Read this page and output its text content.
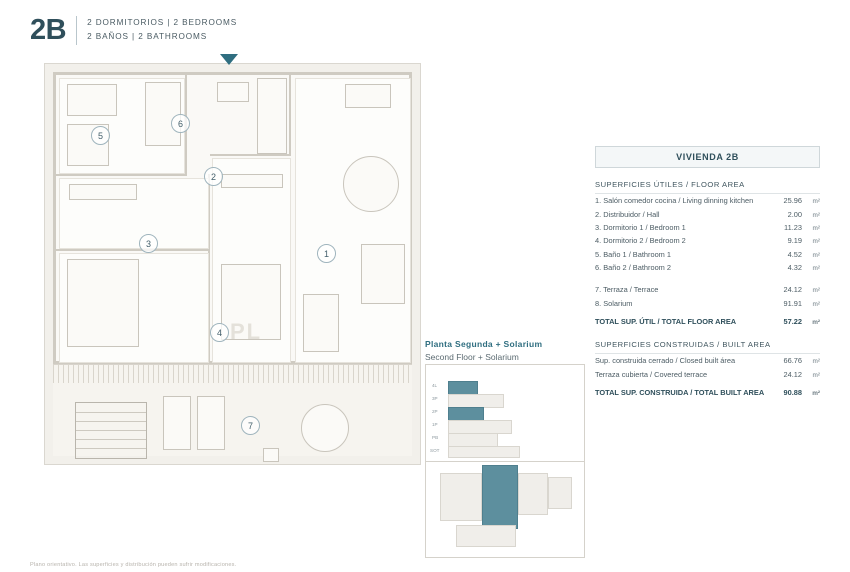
2B	2 DORMITORIOS | 2 BEDROOMS
2 BAÑOS | 2 BATHROOMS
PL
1
2
3
4
5
6
7
Planta Segunda + Solarium
Second Floor + Solarium
4L
3P
2P
1P
PB
SOT
VIVIENDA 2B
SUPERFICIES ÚTILES / FLOOR AREA
1. Salón comedor cocina / Living dinning kitchen	25.96	m²
2. Distribuidor / Hall	2.00	m²
3. Dormitorio 1 / Bedroom 1	11.23	m²
4. Dormitorio 2 / Bedroom 2	9.19	m²
5. Baño 1 / Bathroom 1	4.52	m²
6. Baño 2 / Bathroom 2	4.32	m²
7. Terraza / Terrace	24.12	m²
8. Solarium	91.91	m²
TOTAL SUP. ÚTIL / TOTAL FLOOR AREA	57.22	m²
SUPERFICIES CONSTRUIDAS / BUILT AREA
Sup. construida cerrado / Closed built área	66.76	m²
Terraza cubierta / Covered terrace	24.12	m²
TOTAL SUP. CONSTRUIDA / TOTAL BUILT AREA	90.88	m²
Plano orientativo. Las superficies y distribución pueden sufrir modificaciones.
